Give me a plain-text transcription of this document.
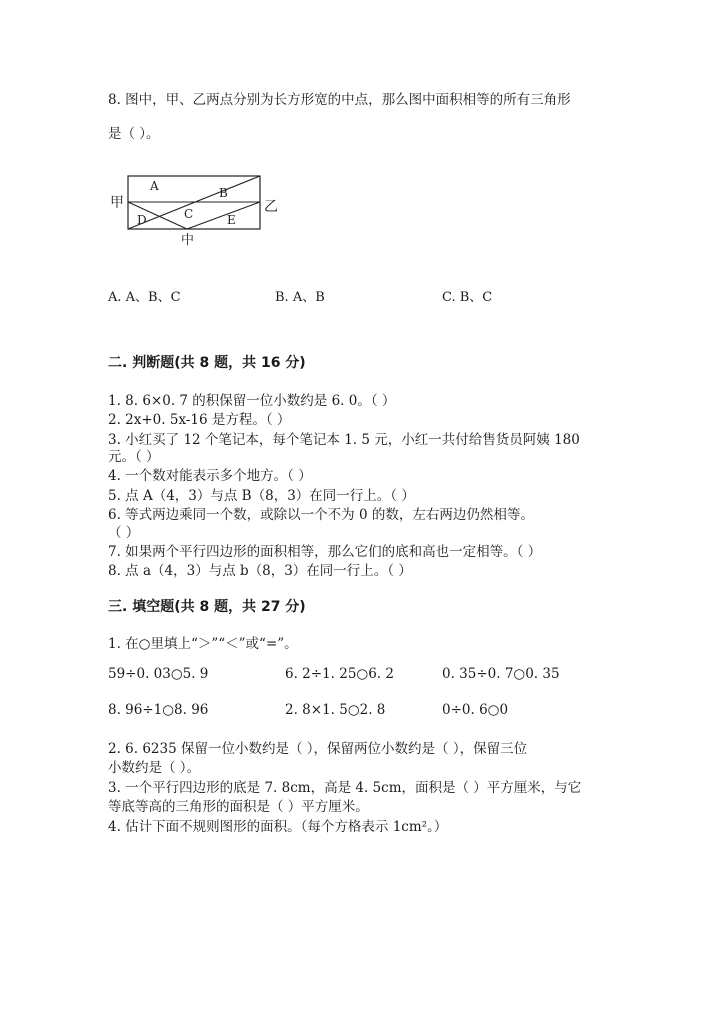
8. 图中，甲、乙两点分别为长方形宽的中点，那么图中面积相等的所有三角形
是（ ）。
甲	乙
中
A	B
C
D	E
A. A、B、C	B. A、B	C. B、C
二. 判断题(共 8 题，共 16 分)
1. 8. 6×0. 7 的积保留一位小数约是 6. 0。（ ）
2. 2x+0. 5x-16 是方程。（ ）
3. 小红买了 12 个笔记本，每个笔记本 1. 5 元，小红一共付给售货员阿姨 180
元。（ ）
4. 一个数对能表示多个地方。（ ）
5. 点 A（4，3）与点 B（8，3）在同一行上。（ ）
6. 等式两边乘同一个数，或除以一个不为 0 的数，左右两边仍然相等。
（ ）
7. 如果两个平行四边形的面积相等，那么它们的底和高也一定相等。（ ）
8. 点 a（4，3）与点 b（8，3）在同一行上。（ ）
三. 填空题(共 8 题，共 27 分)
1. 在○里填上“＞”“＜”或“=”。
59÷0. 03○5. 9	6. 2÷1. 25○6. 2	0. 35÷0. 7○0. 35
8. 96÷1○8. 96	2. 8×1. 5○2. 8	0÷0. 6○0
2. 6. 6235 保留一位小数约是（ ），保留两位小数约是（ ），保留三位
小数约是（ ）。
3. 一个平行四边形的底是 7. 8cm，高是 4. 5cm，面积是（ ）平方厘米，与它
等底等高的三角形的面积是（ ）平方厘米。
4. 估计下面不规则图形的面积。（每个方格表示 1cm²。）
